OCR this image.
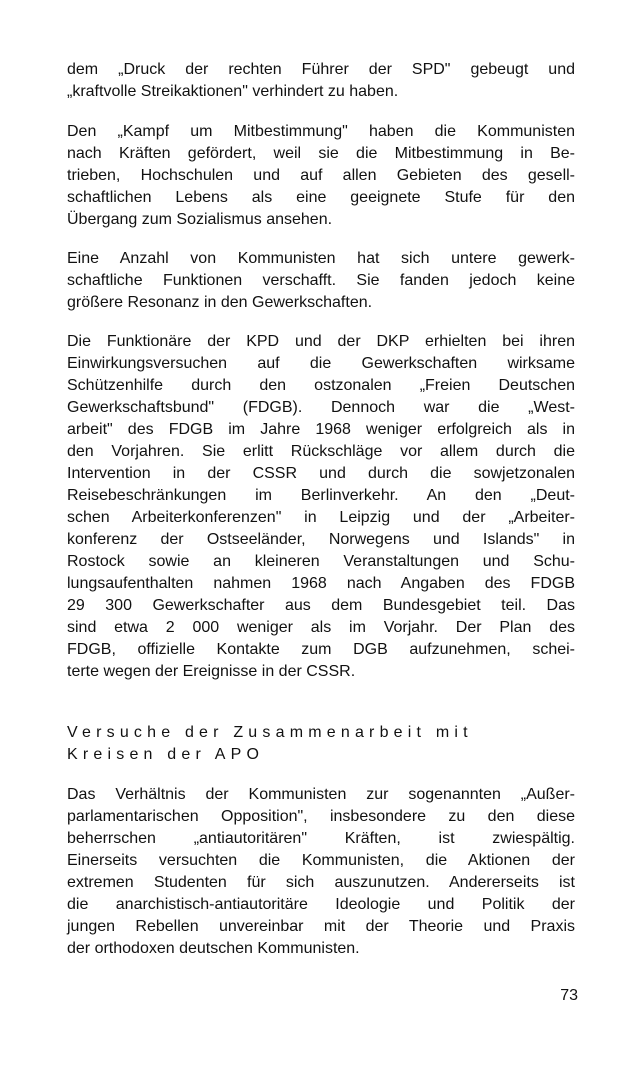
dem „Druck der rechten Führer der SPD" gebeugt und
„kraftvolle Streikaktionen" verhindert zu haben.
Den „Kampf um Mitbestimmung" haben die Kommunisten
nach Kräften gefördert, weil sie die Mitbestimmung in Be-
trieben, Hochschulen und auf allen Gebieten des gesell-
schaftlichen Lebens als eine geeignete Stufe für den
Übergang zum Sozialismus ansehen.
Eine Anzahl von Kommunisten hat sich untere gewerk-
schaftliche Funktionen verschafft. Sie fanden jedoch keine
größere Resonanz in den Gewerkschaften.
Die Funktionäre der KPD und der DKP erhielten bei ihren
Einwirkungsversuchen auf die Gewerkschaften wirksame
Schützenhilfe durch den ostzonalen „Freien Deutschen
Gewerkschaftsbund" (FDGB). Dennoch war die „West-
arbeit" des FDGB im Jahre 1968 weniger erfolgreich als in
den Vorjahren. Sie erlitt Rückschläge vor allem durch die
Intervention in der CSSR und durch die sowjetzonalen
Reisebeschränkungen im Berlinverkehr. An den „Deut-
schen Arbeiterkonferenzen" in Leipzig und der „Arbeiter-
konferenz der Ostseeländer, Norwegens und Islands" in
Rostock sowie an kleineren Veranstaltungen und Schu-
lungsaufenthalten nahmen 1968 nach Angaben des FDGB
29 300 Gewerkschafter aus dem Bundesgebiet teil. Das
sind etwa 2 000 weniger als im Vorjahr. Der Plan des
FDGB, offizielle Kontakte zum DGB aufzunehmen, schei-
terte wegen der Ereignisse in der CSSR.
Versuche der Zusammenarbeit mit
Kreisen der APO
Das Verhältnis der Kommunisten zur sogenannten „Außer-
parlamentarischen Opposition", insbesondere zu den diese
beherrschen „antiautoritären" Kräften, ist zwiespältig.
Einerseits versuchten die Kommunisten, die Aktionen der
extremen Studenten für sich auszunutzen. Andererseits ist
die anarchistisch-antiautoritäre Ideologie und Politik der
jungen Rebellen unvereinbar mit der Theorie und Praxis
der orthodoxen deutschen Kommunisten.
73
